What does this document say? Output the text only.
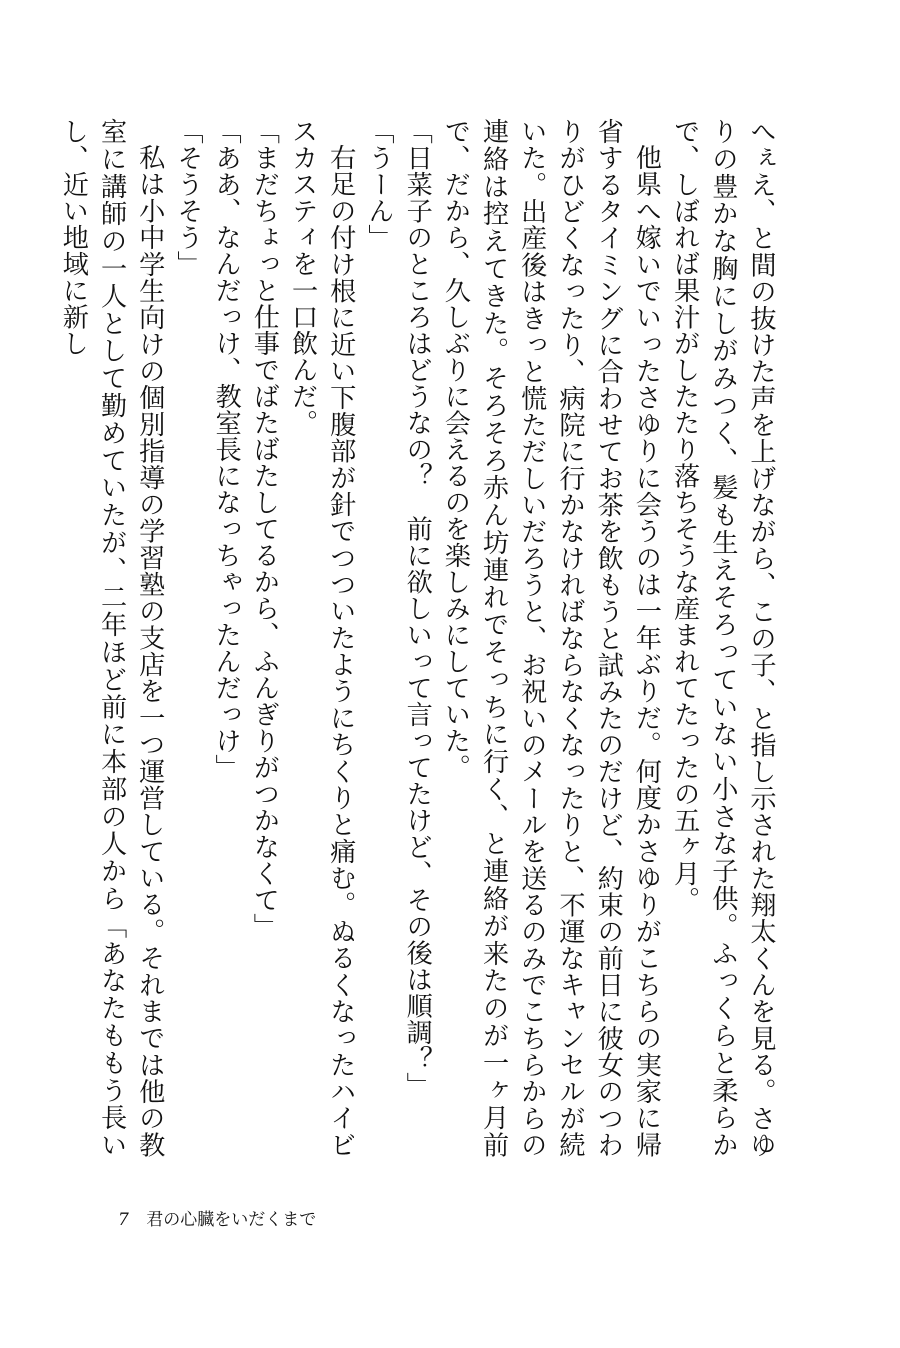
へぇえ、と間の抜けた声を上げながら、この子、と指し示された翔太くんを見る。さゆりの豊かな胸にしがみつく、髪も生えそろっていない小さな子供。ふっくらと柔らかで、しぼれば果汁がしたたり落ちそうな産まれてたったの五ヶ月。

他県へ嫁いでいったさゆりに会うのは一年ぶりだ。何度かさゆりがこちらの実家に帰省するタイミングに合わせてお茶を飲もうと試みたのだけど、約束の前日に彼女のつわりがひどくなったり、病院に行かなければならなくなったりと、不運なキャンセルが続いた。出産後はきっと慌ただしいだろうと、お祝いのメールを送るのみでこちらからの連絡は控えてきた。そろそろ赤ん坊連れでそっちに行く、と連絡が来たのが一ヶ月前で、だから、久しぶりに会えるのを楽しみにしていた。

「日菜子のところはどうなの？　前に欲しいって言ってたけど、その後は順調？」

「うーん」

右足の付け根に近い下腹部が針でつついたようにちくりと痛む。ぬるくなったハイビスカスティを一口飲んだ。

「まだちょっと仕事でばたばたしてるから、ふんぎりがつかなくて」

「ああ、なんだっけ、教室長になっちゃったんだっけ」

「そうそう」

私は小中学生向けの個別指導の学習塾の支店を一つ運営している。それまでは他の教室に講師の一人として勤めていたが、二年ほど前に本部の人から「あなたももう長いし、近い地域に新し

7 君の心臓をいだくまで
